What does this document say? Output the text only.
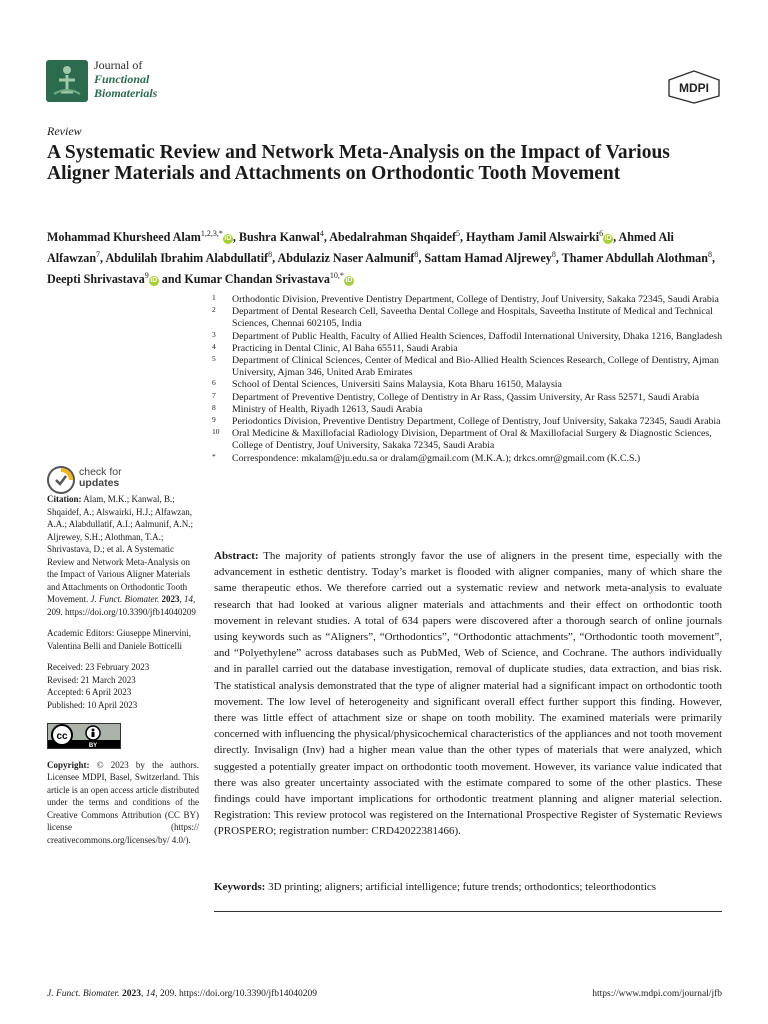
Journal of
Functional
Biomaterials	MDPI
Review
A Systematic Review and Network Meta-Analysis on the Impact of Various Aligner Materials and Attachments on Orthodontic Tooth Movement
Mohammad Khursheed Alam$^{1,2,3,*}$iD , Bushra Kanwal$^4$, Abedalrahman Shqaidef$^5$, Haytham Jamil Alswairki$^6$iD , Ahmed Ali Alfawzan$^7$, Abdulilah Ibrahim Alabdullatif$^8$, Abdulaziz Naser Aalmunif$^8$, Sattam Hamad Aljrewey$^8$, Thamer Abdullah Alothman$^8$, Deepti Shrivastava$^9$iD and Kumar Chandan Srivastava$^{10,*}$iD
1 Orthodontic Division, Preventive Dentistry Department, College of Dentistry, Jouf University, Sakaka 72345, Saudi Arabia
2 Department of Dental Research Cell, Saveetha Dental College and Hospitals, Saveetha Institute of Medical and Technical Sciences, Chennai 602105, India
3 Department of Public Health, Faculty of Allied Health Sciences, Daffodil International University, Dhaka 1216, Bangladesh
4 Practicing in Dental Clinic, Al Baha 65511, Saudi Arabia
5 Department of Clinical Sciences, Center of Medical and Bio-Allied Health Sciences Research, College of Dentistry, Ajman University, Ajman 346, United Arab Emirates
6 School of Dental Sciences, Universiti Sains Malaysia, Kota Bharu 16150, Malaysia
7 Department of Preventive Dentistry, College of Dentistry in Ar Rass, Qassim University, Ar Rass 52571, Saudi Arabia
8 Ministry of Health, Riyadh 12613, Saudi Arabia
9 Periodontics Division, Preventive Dentistry Department, College of Dentistry, Jouf University, Sakaka 72345, Saudi Arabia
10 Oral Medicine & Maxillofacial Radiology Division, Department of Oral & Maxillofacial Surgery & Diagnostic Sciences, College of Dentistry, Jouf University, Sakaka 72345, Saudi Arabia
* Correspondence: mkalam@ju.edu.sa or dralam@gmail.com (M.K.A.); drkcs.omr@gmail.com (K.C.S.)
check for
updates

Citation: Alam, M.K.; Kanwal, B.; Shqaidef, A.; Alswairki, H.J.; Alfawzan, A.A.; Alabdullatif, A.I.; Aalmunif, A.N.; Aljrewey, S.H.; Alothman, T.A.; Shrivastava, D.; et al. A Systematic Review and Network Meta-Analysis on the Impact of Various Aligner Materials and Attachments on Orthodontic Tooth Movement. J. Funct. Biomater. 2023, 14, 209. https://doi.org/10.3390/jfb14040209

Academic Editors: Giuseppe Minervini, Valentina Belli and Daniele Botticelli

Received: 23 February 2023
Revised: 21 March 2023
Accepted: 6 April 2023
Published: 10 April 2023

cc
BY

Copyright: © 2023 by the authors. Licensee MDPI, Basel, Switzerland. This article is an open access article distributed under the terms and conditions of the Creative Commons Attribution (CC BY) license (https:// creativecommons.org/licenses/by/ 4.0/).

Abstract: The majority of patients strongly favor the use of aligners in the present time, especially with the advancement in esthetic dentistry. Today’s market is flooded with aligner companies, many of which share the same therapeutic ethos. We therefore carried out a systematic review and network meta-analysis to evaluate research that had looked at various aligner materials and attachments and their effect on orthodontic tooth movement in relevant studies. A total of 634 papers were discovered after a thorough search of online journals using keywords such as “Aligners”, “Orthodontics”, “Orthodontic attachments”, “Orthodontic tooth movement”, and “Polyethylene” across databases such as PubMed, Web of Science, and Cochrane. The authors individually and in parallel carried out the database investigation, removal of duplicate studies, data extraction, and bias risk. The statistical analysis demonstrated that the type of aligner material had a significant impact on orthodontic tooth movement. The low level of heterogeneity and significant overall effect further support this finding. However, there was little effect of attachment size or shape on tooth mobility. The examined materials were primarily concerned with influencing the physical/physicochemical characteristics of the appliances and not tooth movement directly. Invisalign (Inv) had a higher mean value than the other types of materials that were analyzed, which suggested a potentially greater impact on orthodontic tooth movement. However, its variance value indicated that there was also greater uncertainty associated with the estimate compared to some of the other plastics. These findings could have important implications for orthodontic treatment planning and aligner material selection. Registration: This review protocol was registered on the International Prospective Register of Systematic Reviews (PROSPERO; registration number: CRD42022381466).

Keywords: 3D printing; aligners; artificial intelligence; future trends; orthodontics; teleorthodontics

J. Funct. Biomater. 2023, 14, 209. https://doi.org/10.3390/jfb14040209	https://www.mdpi.com/journal/jfb
